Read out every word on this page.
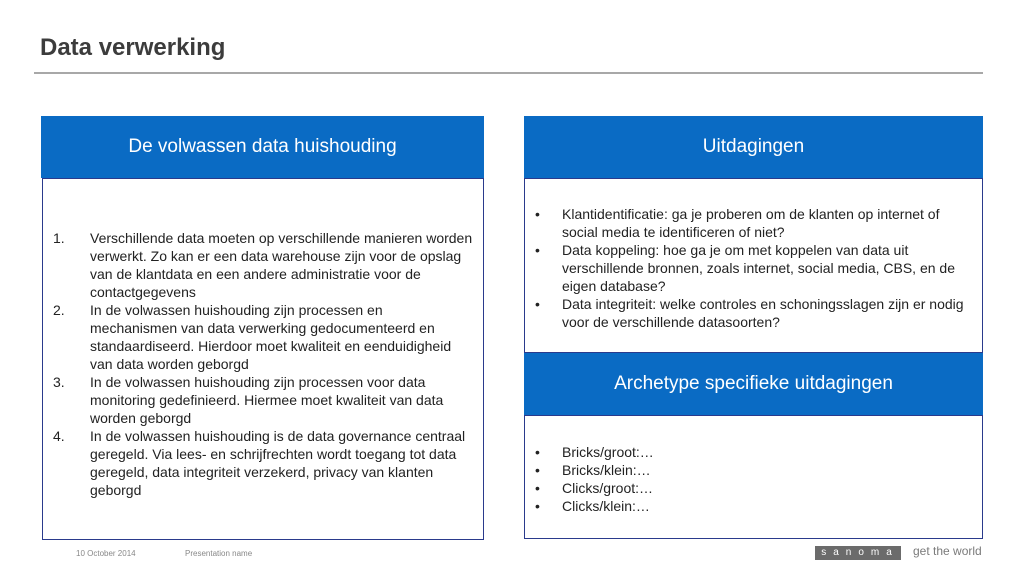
Data verwerking
De volwassen data huishouding
1. Verschillende data moeten op verschillende manieren worden verwerkt. Zo kan er een data warehouse zijn voor de opslag van de klantdata en een andere administratie voor de contactgegevens
2. In de volwassen huishouding zijn processen en mechanismen van data verwerking gedocumenteerd en standaardiseerd. Hierdoor moet kwaliteit en eenduidigheid van data worden geborgd
3. In de volwassen huishouding zijn processen voor data monitoring gedefinieerd. Hiermee moet kwaliteit van data worden geborgd
4. In de volwassen huishouding is de data governance centraal geregeld. Via lees- en schrijfrechten wordt toegang tot data geregeld, data integriteit verzekerd, privacy van klanten geborgd
Uitdagingen
• Klantidentificatie: ga je proberen om de klanten op internet of social media te identificeren of niet?
• Data koppeling: hoe ga je om met koppelen van data uit verschillende bronnen, zoals internet, social media, CBS, en de eigen database?
• Data integriteit: welke controles en schoningsslagen zijn er nodig voor de verschillende datasoorten?
Archetype specifieke uitdagingen
• Bricks/groot:…
• Bricks/klein:…
• Clicks/groot:…
• Clicks/klein:…
10 October 2014	Presentation name	sanoma get the world
